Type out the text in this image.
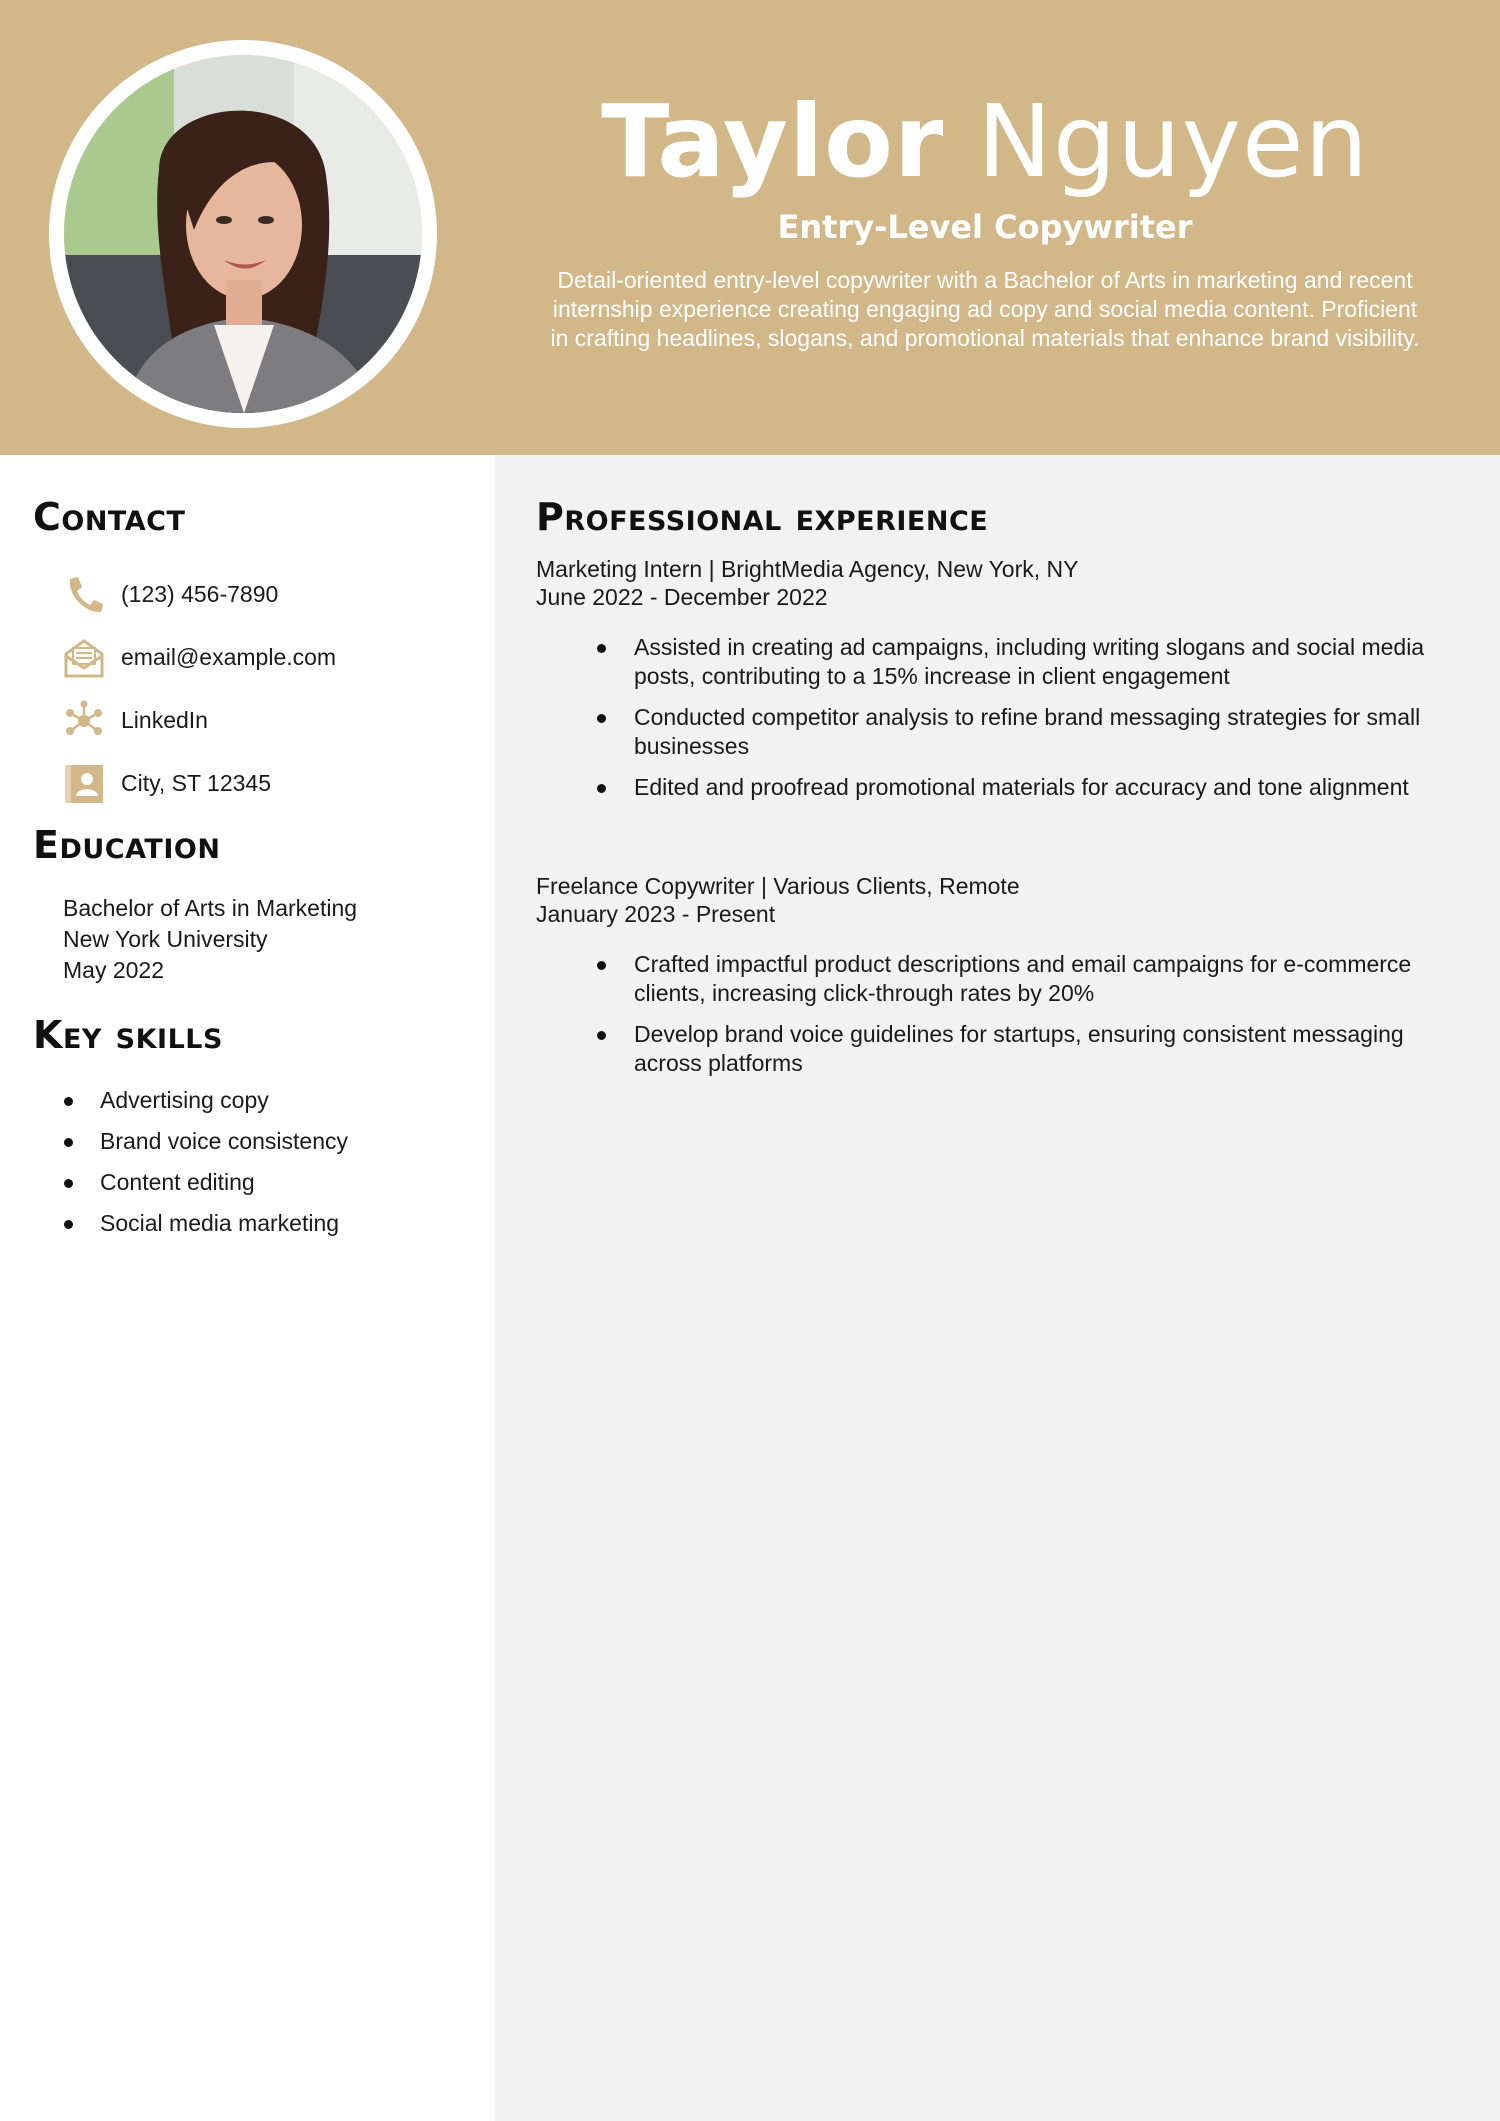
Taylor Nguyen
Entry-Level Copywriter
Detail-oriented entry-level copywriter with a Bachelor of Arts in marketing and recent internship experience creating engaging ad copy and social media content. Proficient in crafting headlines, slogans, and promotional materials that enhance brand visibility.
Contact
(123) 456-7890
email@example.com
LinkedIn
City, ST 12345
Education
Bachelor of Arts in Marketing
New York University
May 2022
Key skills
Advertising copy
Brand voice consistency
Content editing
Social media marketing
Professional experience
Marketing Intern | BrightMedia Agency, New York, NY
June 2022 - December 2022
Assisted in creating ad campaigns, including writing slogans and social media posts, contributing to a 15% increase in client engagement
Conducted competitor analysis to refine brand messaging strategies for small businesses
Edited and proofread promotional materials for accuracy and tone alignment
Freelance Copywriter | Various Clients, Remote
January 2023 - Present
Crafted impactful product descriptions and email campaigns for e-commerce clients, increasing click-through rates by 20%
Develop brand voice guidelines for startups, ensuring consistent messaging across platforms
